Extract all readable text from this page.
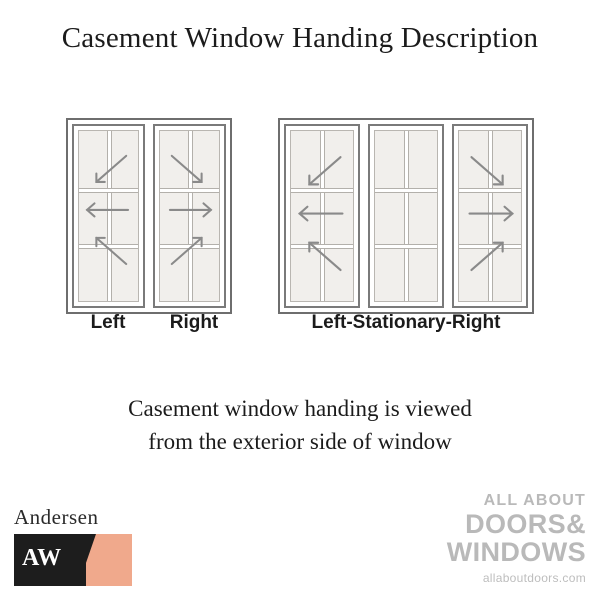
Casement Window Handing Description
Left	Right	Left-Stationary-Right
Casement window handing is viewed
from the exterior side of window
Andersen
AW
ALL ABOUT
DOORS&
WINDOWS
allaboutdoors.com
